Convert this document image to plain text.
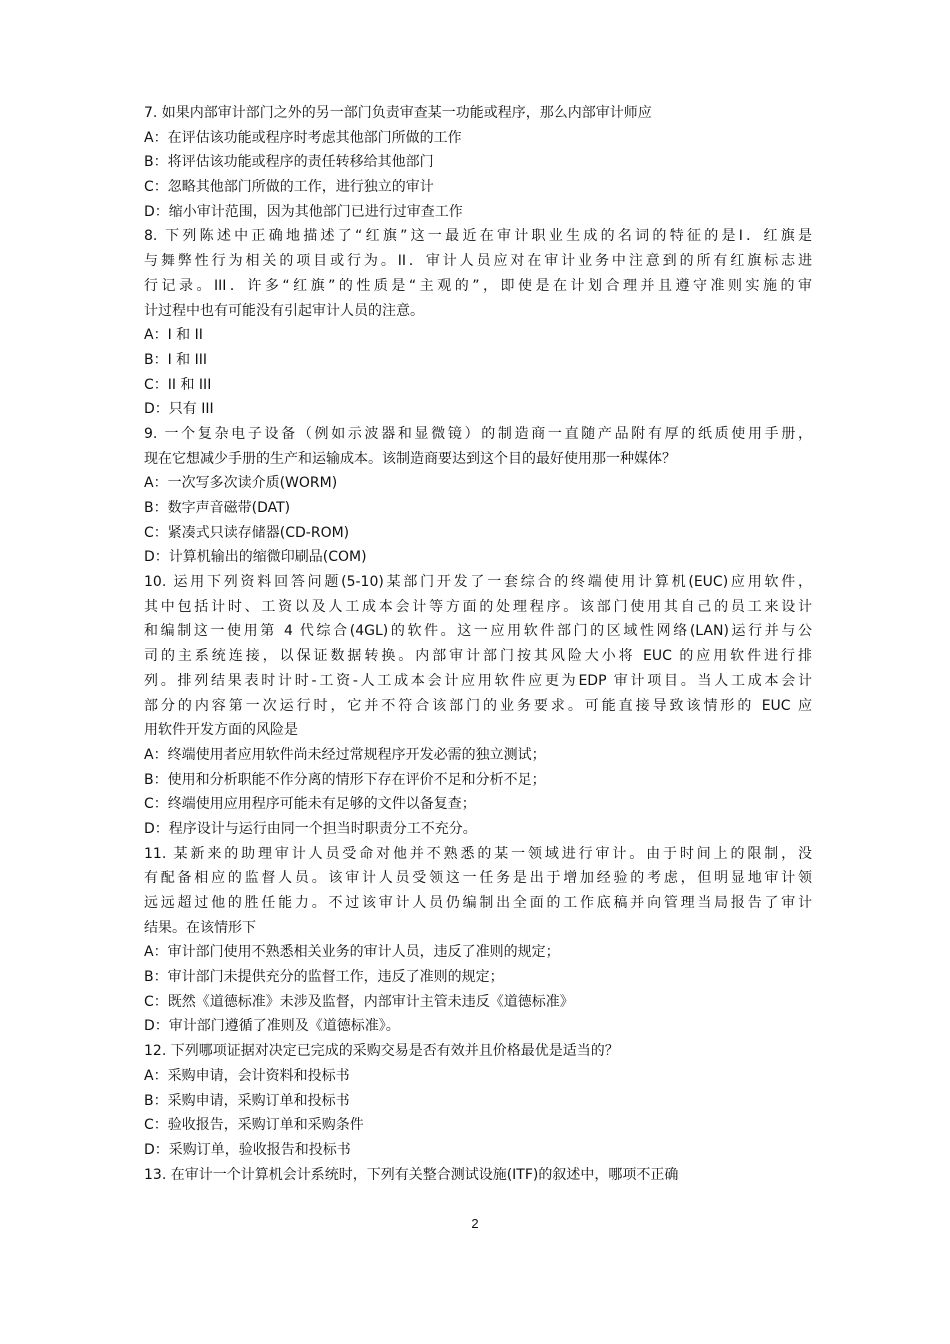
7. 如果内部审计部门之外的另一部门负责审查某一功能或程序，那么内部审计师应
A：在评估该功能或程序时考虑其他部门所做的工作
B：将评估该功能或程序的责任转移给其他部门
C：忽略其他部门所做的工作，进行独立的审计
D：缩小审计范围，因为其他部门已进行过审查工作
8. 下列陈述中正确地描述了“红旗”这一最近在审计职业生成的名词的特征的是I．红旗是
与舞弊性行为相关的项目或行为。II．审计人员应对在审计业务中注意到的所有红旗标志进
行记录。III．许多“红旗”的性质是“主观的”，即使是在计划合理并且遵守准则实施的审
计过程中也有可能没有引起审计人员的注意。
A：I 和 II
B：I 和 III
C：II 和 III
D：只有 III
9. 一个复杂电子设备（例如示波器和显微镜）的制造商一直随产品附有厚的纸质使用手册，
现在它想减少手册的生产和运输成本。该制造商要达到这个目的最好使用那一种媒体？
A：一次写多次读介质(WORM)
B：数字声音磁带(DAT)
C：紧凑式只读存储器(CD-ROM)
D：计算机输出的缩微印刷品(COM)
10. 运用下列资料回答问题(5-10)某部门开发了一套综合的终端使用计算机(EUC)应用软件，
其中包括计时、工资以及人工成本会计等方面的处理程序。该部门使用其自己的员工来设计
和编制这一使用第 4 代综合(4GL)的软件。这一应用软件部门的区域性网络(LAN)运行并与公
司的主系统连接，以保证数据转换。内部审计部门按其风险大小将 EUC 的应用软件进行排
列。排列结果表时计时-工资-人工成本会计应用软件应更为EDP 审计项目。当人工成本会计
部分的内容第一次运行时，它并不符合该部门的业务要求。可能直接导致该情形的 EUC 应
用软件开发方面的风险是
A：终端使用者应用软件尚未经过常规程序开发必需的独立测试；
B：使用和分析职能不作分离的情形下存在评价不足和分析不足；
C：终端使用应用程序可能未有足够的文件以备复查；
D：程序设计与运行由同一个担当时职责分工不充分。
11. 某新来的助理审计人员受命对他并不熟悉的某一领域进行审计。由于时间上的限制，没
有配备相应的监督人员。该审计人员受领这一任务是出于增加经验的考虑，但明显地审计领
远远超过他的胜任能力。不过该审计人员仍编制出全面的工作底稿并向管理当局报告了审计
结果。在该情形下
A：审计部门使用不熟悉相关业务的审计人员，违反了准则的规定；
B：审计部门未提供充分的监督工作，违反了准则的规定；
C：既然《道德标准》未涉及监督，内部审计主管未违反《道德标准》
D：审计部门遵循了准则及《道德标准》。
12. 下列哪项证据对决定已完成的采购交易是否有效并且价格最优是适当的？
A：采购申请，会计资料和投标书
B：采购申请，采购订单和投标书
C：验收报告，采购订单和采购条件
D：采购订单，验收报告和投标书
13. 在审计一个计算机会计系统时，下列有关整合测试设施(ITF)的叙述中，哪项不正确
2
